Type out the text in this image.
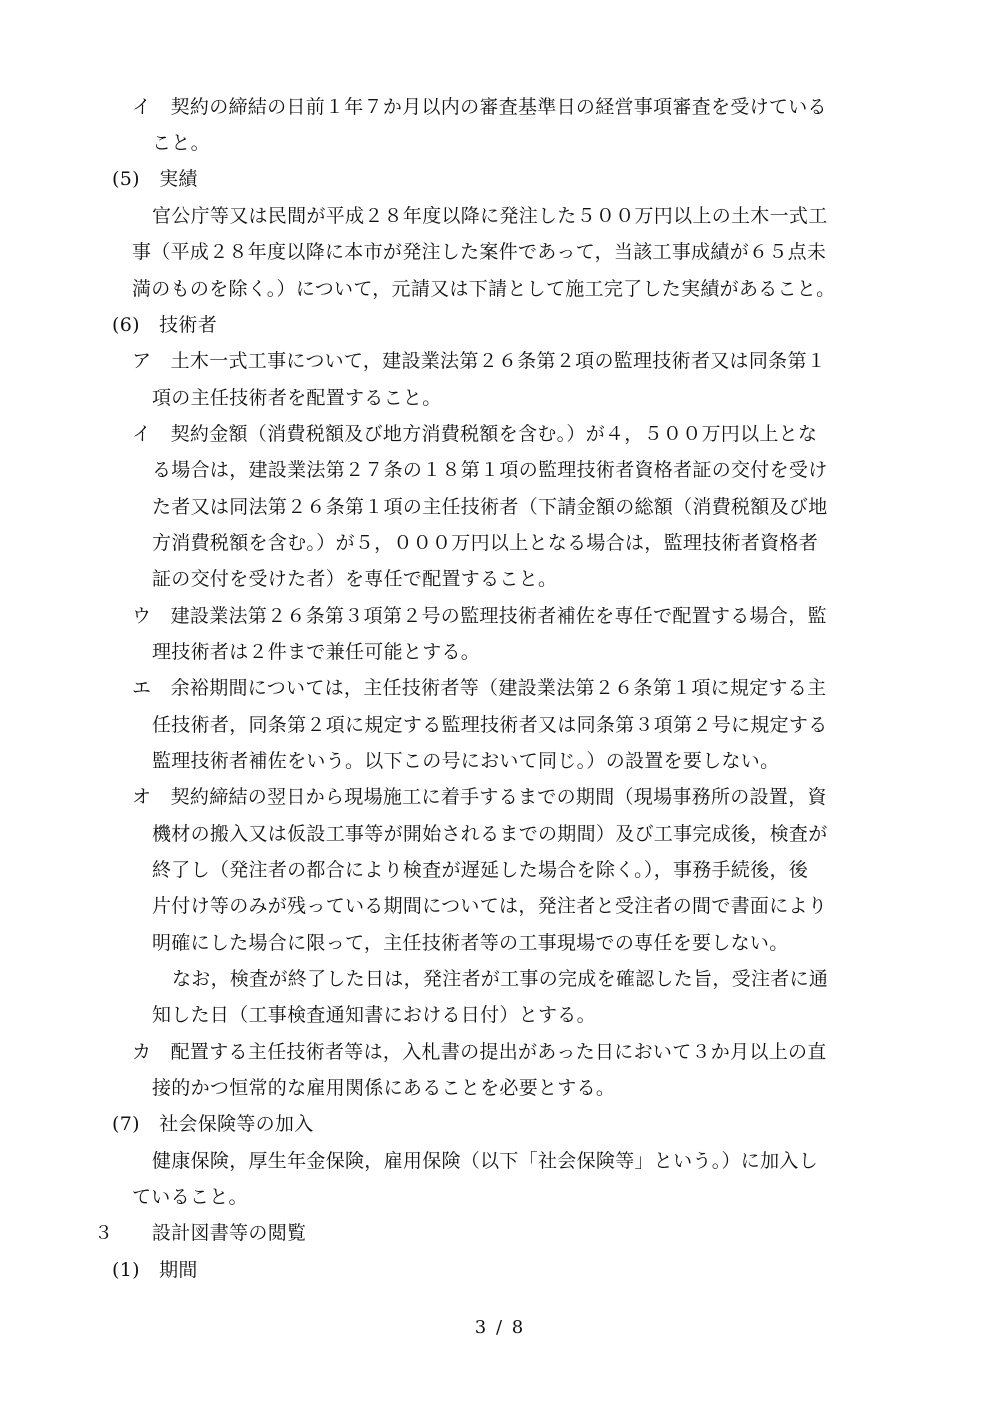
イ　契約の締結の日前１年７か月以内の審査基準日の経営事項審査を受けている
こと。
(5)　実績
官公庁等又は民間が平成２８年度以降に発注した５００万円以上の土木一式工
事（平成２８年度以降に本市が発注した案件であって，当該工事成績が６５点未
満のものを除く。）について，元請又は下請として施工完了した実績があること。
(6)　技術者
ア　土木一式工事について，建設業法第２６条第２項の監理技術者又は同条第１
項の主任技術者を配置すること。
イ　契約金額（消費税額及び地方消費税額を含む。）が４，５００万円以上とな
る場合は，建設業法第２７条の１８第１項の監理技術者資格者証の交付を受け
た者又は同法第２６条第１項の主任技術者（下請金額の総額（消費税額及び地
方消費税額を含む。）が５，０００万円以上となる場合は，監理技術者資格者
証の交付を受けた者）を専任で配置すること。
ウ　建設業法第２６条第３項第２号の監理技術者補佐を専任で配置する場合，監
理技術者は２件まで兼任可能とする。
エ　余裕期間については，主任技術者等（建設業法第２６条第１項に規定する主
任技術者，同条第２項に規定する監理技術者又は同条第３項第２号に規定する
監理技術者補佐をいう。以下この号において同じ。）の設置を要しない。
オ　契約締結の翌日から現場施工に着手するまでの期間（現場事務所の設置，資
機材の搬入又は仮設工事等が開始されるまでの期間）及び工事完成後，検査が
終了し（発注者の都合により検査が遅延した場合を除く。），事務手続後，後
片付け等のみが残っている期間については，発注者と受注者の間で書面により
明確にした場合に限って，主任技術者等の工事現場での専任を要しない。
なお，検査が終了した日は，発注者が工事の完成を確認した旨，受注者に通
知した日（工事検査通知書における日付）とする。
カ　配置する主任技術者等は，入札書の提出があった日において３か月以上の直
接的かつ恒常的な雇用関係にあることを必要とする。
(7)　社会保険等の加入
健康保険，厚生年金保険，雇用保険（以下「社会保険等」という。）に加入し
ていること。
３　　設計図書等の閲覧
(1)　期間
3 / 8
